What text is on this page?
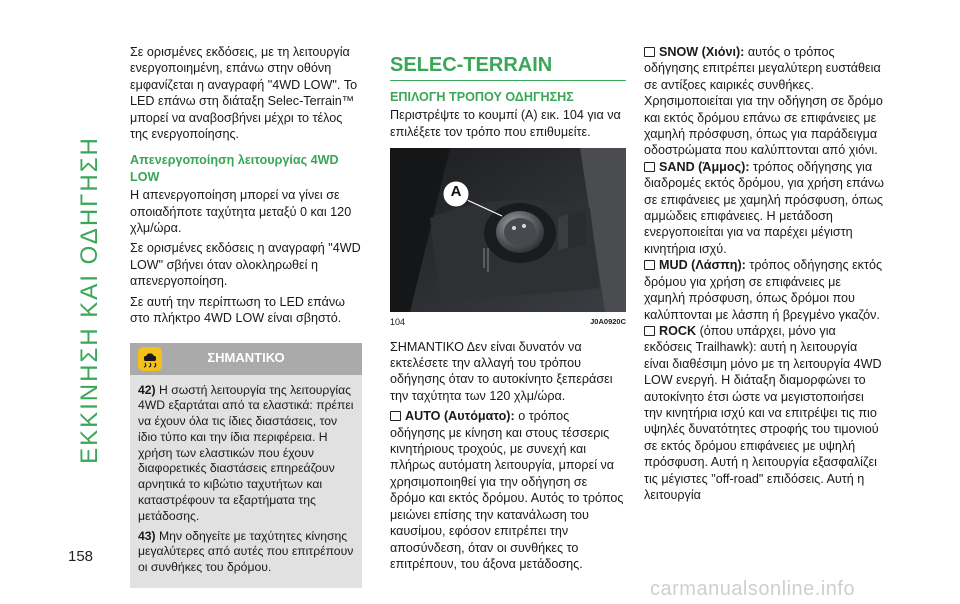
ΕΚΚΙΝΗΣΗ ΚΑΙ ΟΔΗΓΗΣΗ
158

Σε ορισμένες εκδόσεις, με τη λειτουργία ενεργοποιημένη, επάνω στην οθόνη εμφανίζεται η αναγραφή "4WD LOW". Το LED επάνω στη διάταξη Selec-Terrain™ μπορεί να αναβοσβήνει μέχρι το τέλος της ενεργοποίησης.

Απενεργοποίηση λειτουργίας 4WD LOW

Η απενεργοποίηση μπορεί να γίνει σε οποιαδήποτε ταχύτητα μεταξύ 0 και 120 χλμ/ώρα.

Σε ορισμένες εκδόσεις η αναγραφή "4WD LOW" σβήνει όταν ολοκληρωθεί η απενεργοποίηση.

Σε αυτή την περίπτωση το LED επάνω στο πλήκτρο 4WD LOW είναι σβηστό.

ΣΗΜΑΝΤΙΚΟ

42) Η σωστή λειτουργία της λειτουργίας 4WD εξαρτάται από τα ελαστικά: πρέπει να έχουν όλα τις ίδιες διαστάσεις, τον ίδιο τύπο και την ίδια περιφέρεια. Η χρήση των ελαστικών που έχουν διαφορετικές διαστάσεις επηρεάζουν αρνητικά το κιβώτιο ταχυτήτων και καταστρέφουν τα εξαρτήματα της μετάδοσης.

43) Μην οδηγείτε με ταχύτητες κίνησης μεγαλύτερες από αυτές που επιτρέπουν οι συνθήκες του δρόμου.

SELEC-TERRAIN
ΕΠΙΛΟΓΗ ΤΡΟΠΟΥ ΟΔΗΓΗΣΗΣ

Περιστρέψτε το κουμπί (A) εικ. 104 για να επιλέξετε τον τρόπο που επιθυμείτε.

A
104	J0A0920C

ΣΗΜΑΝΤΙΚΟ Δεν είναι δυνατόν να εκτελέσετε την αλλαγή του τρόπου οδήγησης όταν το αυτοκίνητο ξεπεράσει την ταχύτητα των 120 χλμ/ώρα.

AUTO (Αυτόματο): ο τρόπος οδήγησης με κίνηση και στους τέσσερις κινητήριους τροχούς, με συνεχή και πλήρως αυτόματη λειτουργία, μπορεί να χρησιμοποιηθεί για την οδήγηση σε δρόμο και εκτός δρόμου. Αυτός το τρόπος μειώνει επίσης την κατανάλωση του καυσίμου, εφόσον επιτρέπει την αποσύνδεση, όταν οι συνθήκες το επιτρέπουν, του άξονα μετάδοσης.

SNOW (Χιόνι): αυτός ο τρόπος οδήγησης επιτρέπει μεγαλύτερη ευστάθεια σε αντίξοες καιρικές συνθήκες. Χρησιμοποιείται για την οδήγηση σε δρόμο και εκτός δρόμου επάνω σε επιφάνειες με χαμηλή πρόσφυση, όπως για παράδειγμα οδοστρώματα που καλύπτονται από χιόνι.

SAND (Άμμος): τρόπος οδήγησης για διαδρομές εκτός δρόμου, για χρήση επάνω σε επιφάνειες με χαμηλή πρόσφυση, όπως αμμώδεις επιφάνειες. Η μετάδοση ενεργοποιείται για να παρέχει μέγιστη κινητήρια ισχύ.

MUD (Λάσπη): τρόπος οδήγησης εκτός δρόμου για χρήση σε επιφάνειες με χαμηλή πρόσφυση, όπως δρόμοι που καλύπτονται με λάσπη ή βρεγμένο γκαζόν.

ROCK (όπου υπάρχει, μόνο για εκδόσεις Trailhawk): αυτή η λειτουργία είναι διαθέσιμη μόνο με τη λειτουργία 4WD LOW ενεργή. Η διάταξη διαμορφώνει το αυτοκίνητο έτσι ώστε να μεγιστοποιήσει την κινητήρια ισχύ και να επιτρέψει τις πιο υψηλές δυνατότητες στροφής του τιμονιού σε εκτός δρόμου επιφάνειες με υψηλή πρόσφυση. Αυτή η λειτουργία εξασφαλίζει τις μέγιστες "off-road" επιδόσεις. Αυτή η λειτουργία

carmanualsonline.info
